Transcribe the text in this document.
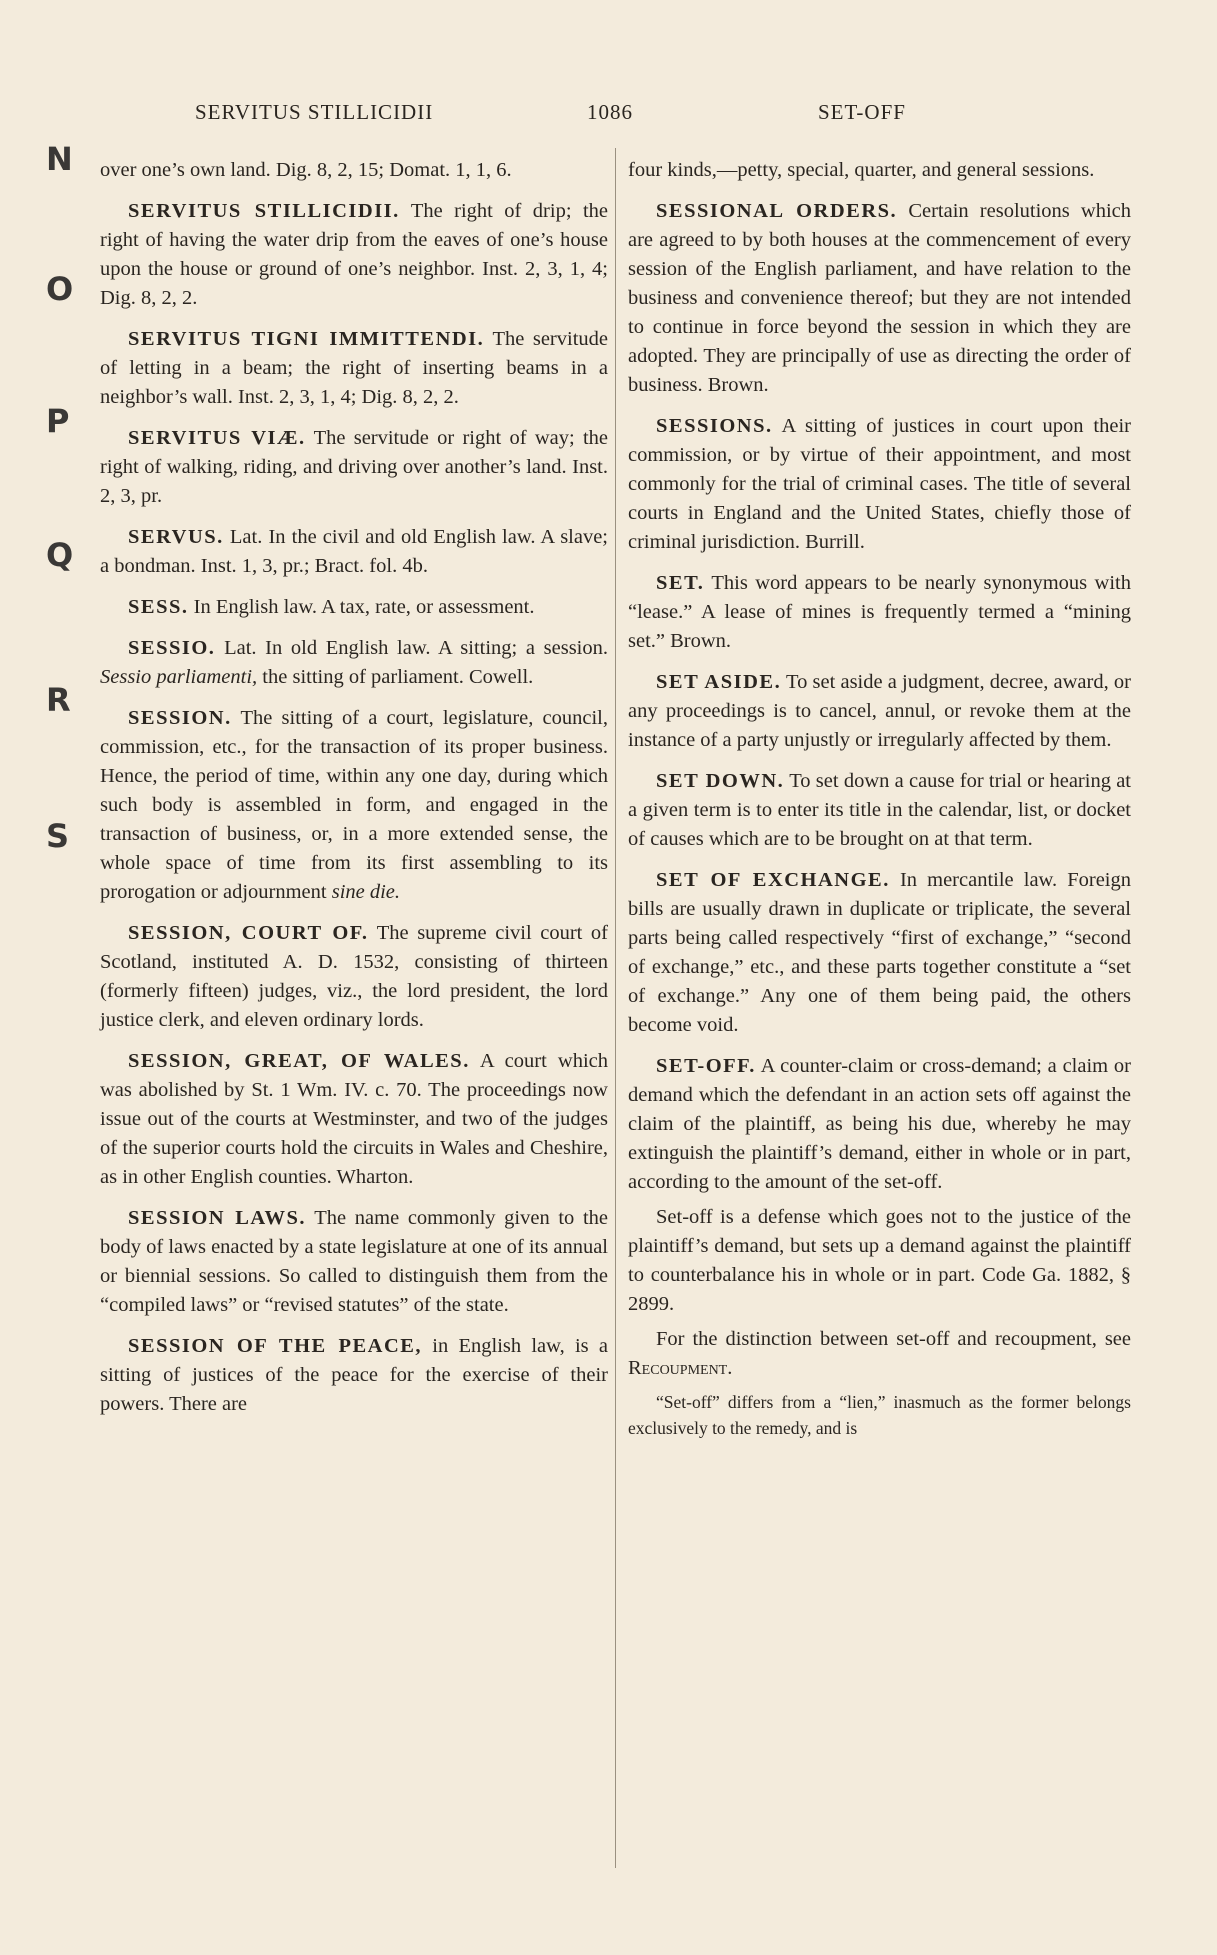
SERVITUS STILLICIDII	1086	SET-OFF
N
O
P
Q
R
S

over one’s own land. Dig. 8, 2, 15; Domat. 1, 1, 6.

SERVITUS STILLICIDII. The right of drip; the right of having the water drip from the eaves of one’s house upon the house or ground of one’s neighbor. Inst. 2, 3, 1, 4; Dig. 8, 2, 2.

SERVITUS TIGNI IMMITTENDI. The servitude of letting in a beam; the right of inserting beams in a neighbor’s wall. Inst. 2, 3, 1, 4; Dig. 8, 2, 2.

SERVITUS VIÆ. The servitude or right of way; the right of walking, riding, and driving over another’s land. Inst. 2, 3, pr.

SERVUS. Lat. In the civil and old English law. A slave; a bondman. Inst. 1, 3, pr.; Bract. fol. 4b.

SESS. In English law. A tax, rate, or assessment.

SESSIO. Lat. In old English law. A sitting; a session. Sessio parliamenti, the sitting of parliament. Cowell.

SESSION. The sitting of a court, legislature, council, commission, etc., for the transaction of its proper business. Hence, the period of time, within any one day, during which such body is assembled in form, and engaged in the transaction of business, or, in a more extended sense, the whole space of time from its first assembling to its prorogation or adjournment sine die.

SESSION, COURT OF. The supreme civil court of Scotland, instituted A. D. 1532, consisting of thirteen (formerly fifteen) judges, viz., the lord president, the lord justice clerk, and eleven ordinary lords.

SESSION, GREAT, OF WALES. A court which was abolished by St. 1 Wm. IV. c. 70. The proceedings now issue out of the courts at Westminster, and two of the judges of the superior courts hold the circuits in Wales and Cheshire, as in other English counties. Wharton.

SESSION LAWS. The name commonly given to the body of laws enacted by a state legislature at one of its annual or biennial sessions. So called to distinguish them from the “compiled laws” or “revised statutes” of the state.

SESSION OF THE PEACE, in English law, is a sitting of justices of the peace for the exercise of their powers. There are

four kinds,—petty, special, quarter, and general sessions.

SESSIONAL ORDERS. Certain resolutions which are agreed to by both houses at the commencement of every session of the English parliament, and have relation to the business and convenience thereof; but they are not intended to continue in force beyond the session in which they are adopted. They are principally of use as directing the order of business. Brown.

SESSIONS. A sitting of justices in court upon their commission, or by virtue of their appointment, and most commonly for the trial of criminal cases. The title of several courts in England and the United States, chiefly those of criminal jurisdiction. Burrill.

SET. This word appears to be nearly synonymous with “lease.” A lease of mines is frequently termed a “mining set.” Brown.

SET ASIDE. To set aside a judgment, decree, award, or any proceedings is to cancel, annul, or revoke them at the instance of a party unjustly or irregularly affected by them.

SET DOWN. To set down a cause for trial or hearing at a given term is to enter its title in the calendar, list, or docket of causes which are to be brought on at that term.

SET OF EXCHANGE. In mercantile law. Foreign bills are usually drawn in duplicate or triplicate, the several parts being called respectively “first of exchange,” “second of exchange,” etc., and these parts together constitute a “set of exchange.” Any one of them being paid, the others become void.

SET-OFF. A counter-claim or cross-demand; a claim or demand which the defendant in an action sets off against the claim of the plaintiff, as being his due, whereby he may extinguish the plaintiff’s demand, either in whole or in part, according to the amount of the set-off.

Set-off is a defense which goes not to the justice of the plaintiff’s demand, but sets up a demand against the plaintiff to counterbalance his in whole or in part. Code Ga. 1882, § 2899.

For the distinction between set-off and recoupment, see Recoupment.

“Set-off” differs from a “lien,” inasmuch as the former belongs exclusively to the remedy, and is
